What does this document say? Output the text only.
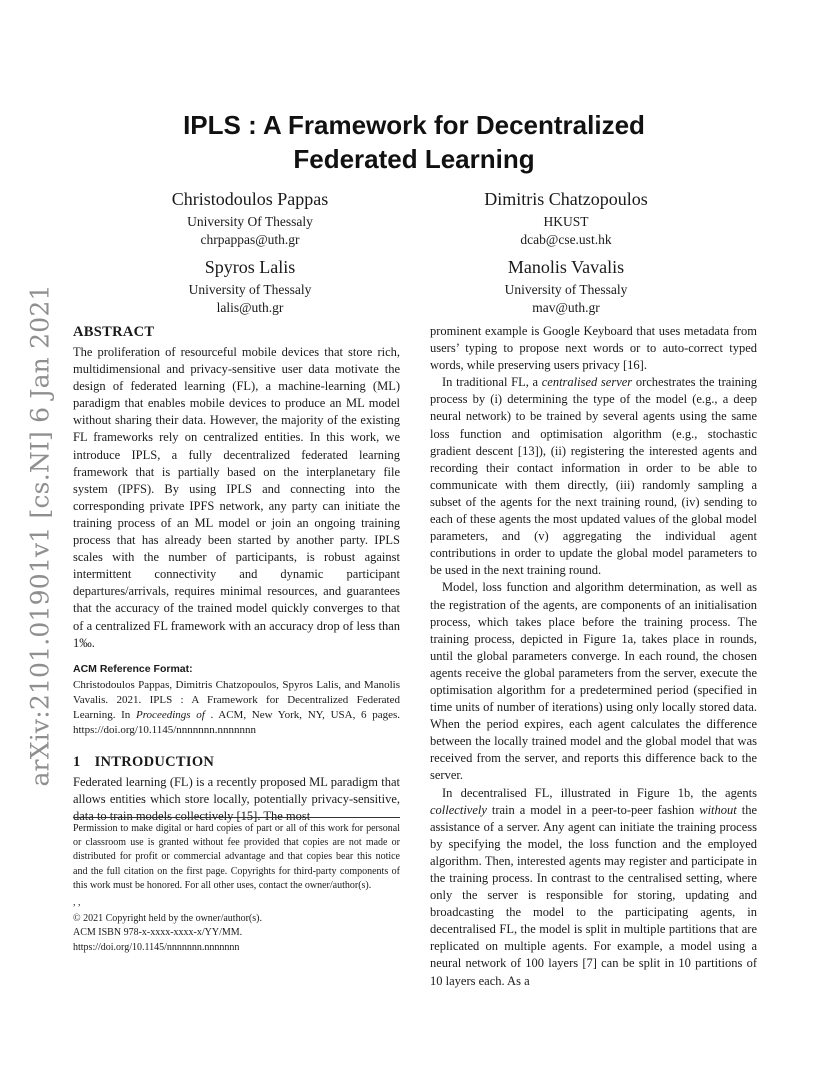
arXiv:2101.01901v1 [cs.NI] 6 Jan 2021
IPLS : A Framework for Decentralized
Federated Learning
Christodoulos Pappas
University Of Thessaly
chrpappas@uth.gr
Dimitris Chatzopoulos
HKUST
dcab@cse.ust.hk
Spyros Lalis
University of Thessaly
lalis@uth.gr
Manolis Vavalis
University of Thessaly
mav@uth.gr
ABSTRACT

The proliferation of resourceful mobile devices that store rich, multidimensional and privacy-sensitive user data motivate the design of federated learning (FL), a machine-learning (ML) paradigm that enables mobile devices to produce an ML model without sharing their data. However, the majority of the existing FL frameworks rely on centralized entities. In this work, we introduce IPLS, a fully decentralized federated learning framework that is partially based on the interplanetary file system (IPFS). By using IPLS and connecting into the corresponding private IPFS network, any party can initiate the training process of an ML model or join an ongoing training process that has already been started by another party. IPLS scales with the number of participants, is robust against intermittent connectivity and dynamic participant departures/arrivals, requires minimal resources, and guarantees that the accuracy of the trained model quickly converges to that of a centralized FL framework with an accuracy drop of less than 1‰.

ACM Reference Format:

Christodoulos Pappas, Dimitris Chatzopoulos, Spyros Lalis, and Manolis Vavalis. 2021. IPLS : A Framework for Decentralized Federated Learning. In Proceedings of . ACM, New York, NY, USA, 6 pages. https://doi.org/10.1145/nnnnnnn.nnnnnnn

1 INTRODUCTION

Federated learning (FL) is a recently proposed ML paradigm that allows entities which store locally, potentially privacy-sensitive, data to train models collectively [15]. The most

Permission to make digital or hard copies of part or all of this work for personal or classroom use is granted without fee provided that copies are not made or distributed for profit or commercial advantage and that copies bear this notice and the full citation on the first page. Copyrights for third-party components of this work must be honored. For all other uses, contact the owner/author(s).

, ,

© 2021 Copyright held by the owner/author(s).

ACM ISBN 978-x-xxxx-xxxx-x/YY/MM.

https://doi.org/10.1145/nnnnnnn.nnnnnnn

prominent example is Google Keyboard that uses metadata from users’ typing to propose next words or to auto-correct typed words, while preserving users privacy [16].

In traditional FL, a centralised server orchestrates the training process by (i) determining the type of the model (e.g., a deep neural network) to be trained by several agents using the same loss function and optimisation algorithm (e.g., stochastic gradient descent [13]), (ii) registering the interested agents and recording their contact information in order to be able to communicate with them directly, (iii) randomly sampling a subset of the agents for the next training round, (iv) sending to each of these agents the most updated values of the global model parameters, and (v) aggregating the individual agent contributions in order to update the global model parameters to be used in the next training round.

Model, loss function and algorithm determination, as well as the registration of the agents, are components of an initialisation process, which takes place before the training process. The training process, depicted in Figure 1a, takes place in rounds, until the global parameters converge. In each round, the chosen agents receive the global parameters from the server, execute the optimisation algorithm for a predetermined period (specified in time units of number of iterations) using only locally stored data. When the period expires, each agent calculates the difference between the locally trained model and the global model that was received from the server, and reports this difference back to the server.

In decentralised FL, illustrated in Figure 1b, the agents collectively train a model in a peer-to-peer fashion without the assistance of a server. Any agent can initiate the training process by specifying the model, the loss function and the employed algorithm. Then, interested agents may register and participate in the training process. In contrast to the centralised setting, where only the server is responsible for storing, updating and broadcasting the model to the participating agents, in decentralised FL, the model is split in multiple partitions that are replicated on multiple agents. For example, a model using a neural network of 100 layers [7] can be split in 10 partitions of 10 layers each. As a
